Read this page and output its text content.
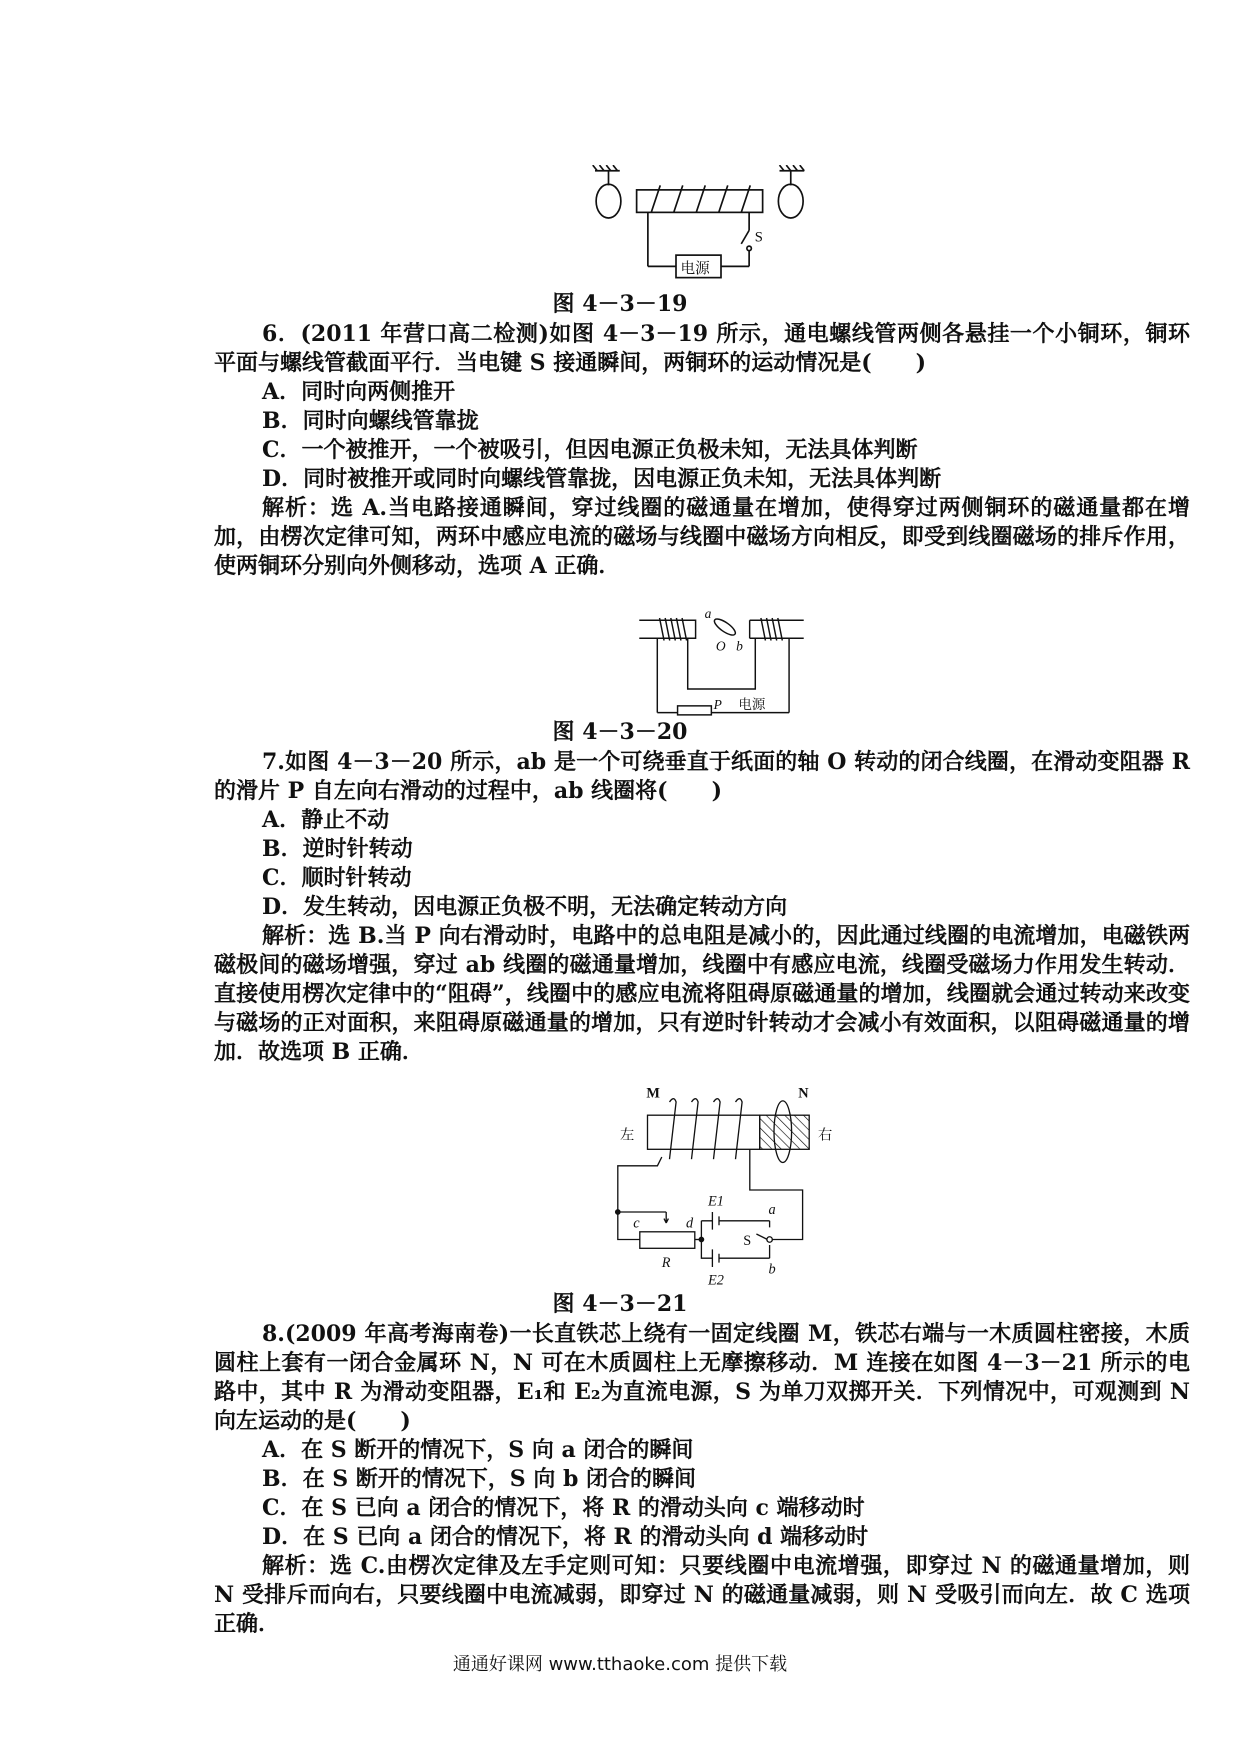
S
电源
图 4－3－19

6．(2011 年营口高二检测)如图 4－3－19 所示，通电螺线管两侧各悬挂一个小铜环，铜环平面与螺线管截面平行．当电键 S 接通瞬间，两铜环的运动情况是(　　)

A．同时向两侧推开

B．同时向螺线管靠拢

C．一个被推开，一个被吸引，但因电源正负极未知，无法具体判断

D．同时被推开或同时向螺线管靠拢，因电源正负未知，无法具体判断

解析：选 A.当电路接通瞬间，穿过线圈的磁通量在增加，使得穿过两侧铜环的磁通量都在增加，由楞次定律可知，两环中感应电流的磁场与线圈中磁场方向相反，即受到线圈磁场的排斥作用，使两铜环分别向外侧移动，选项 A 正确．

a
O b
P 电源
图 4－3－20

7.如图 4－3－20 所示，ab 是一个可绕垂直于纸面的轴 O 转动的闭合线圈，在滑动变阻器 R 的滑片 P 自左向右滑动的过程中，ab 线圈将(　　)

A．静止不动

B．逆时针转动

C．顺时针转动

D．发生转动，因电源正负极不明，无法确定转动方向

解析：选 B.当 P 向右滑动时，电路中的总电阻是减小的，因此通过线圈的电流增加，电磁铁两磁极间的磁场增强，穿过 ab 线圈的磁通量增加，线圈中有感应电流，线圈受磁场力作用发生转动．直接使用楞次定律中的“阻碍”，线圈中的感应电流将阻碍原磁通量的增加，线圈就会通过转动来改变与磁场的正对面积，来阻碍原磁通量的增加，只有逆时针转动才会减小有效面积，以阻碍磁通量的增加．故选项 B 正确．

M	N
左	右
E1
E2
a
b
c	d
S
R
图 4－3－21

8.(2009 年高考海南卷)一长直铁芯上绕有一固定线圈 M，铁芯右端与一木质圆柱密接，木质圆柱上套有一闭合金属环 N，N 可在木质圆柱上无摩擦移动．M 连接在如图 4－3－21 所示的电路中，其中 R 为滑动变阻器，E₁和 E₂为直流电源，S 为单刀双掷开关．下列情况中，可观测到 N 向左运动的是(　　)

A．在 S 断开的情况下，S 向 a 闭合的瞬间

B．在 S 断开的情况下，S 向 b 闭合的瞬间

C．在 S 已向 a 闭合的情况下，将 R 的滑动头向 c 端移动时

D．在 S 已向 a 闭合的情况下，将 R 的滑动头向 d 端移动时

解析：选 C.由楞次定律及左手定则可知：只要线圈中电流增强，即穿过 N 的磁通量增加，则 N 受排斥而向右，只要线圈中电流减弱，即穿过 N 的磁通量减弱，则 N 受吸引而向左．故 C 选项正确．

通通好课网 www.tthaoke.com 提供下载
